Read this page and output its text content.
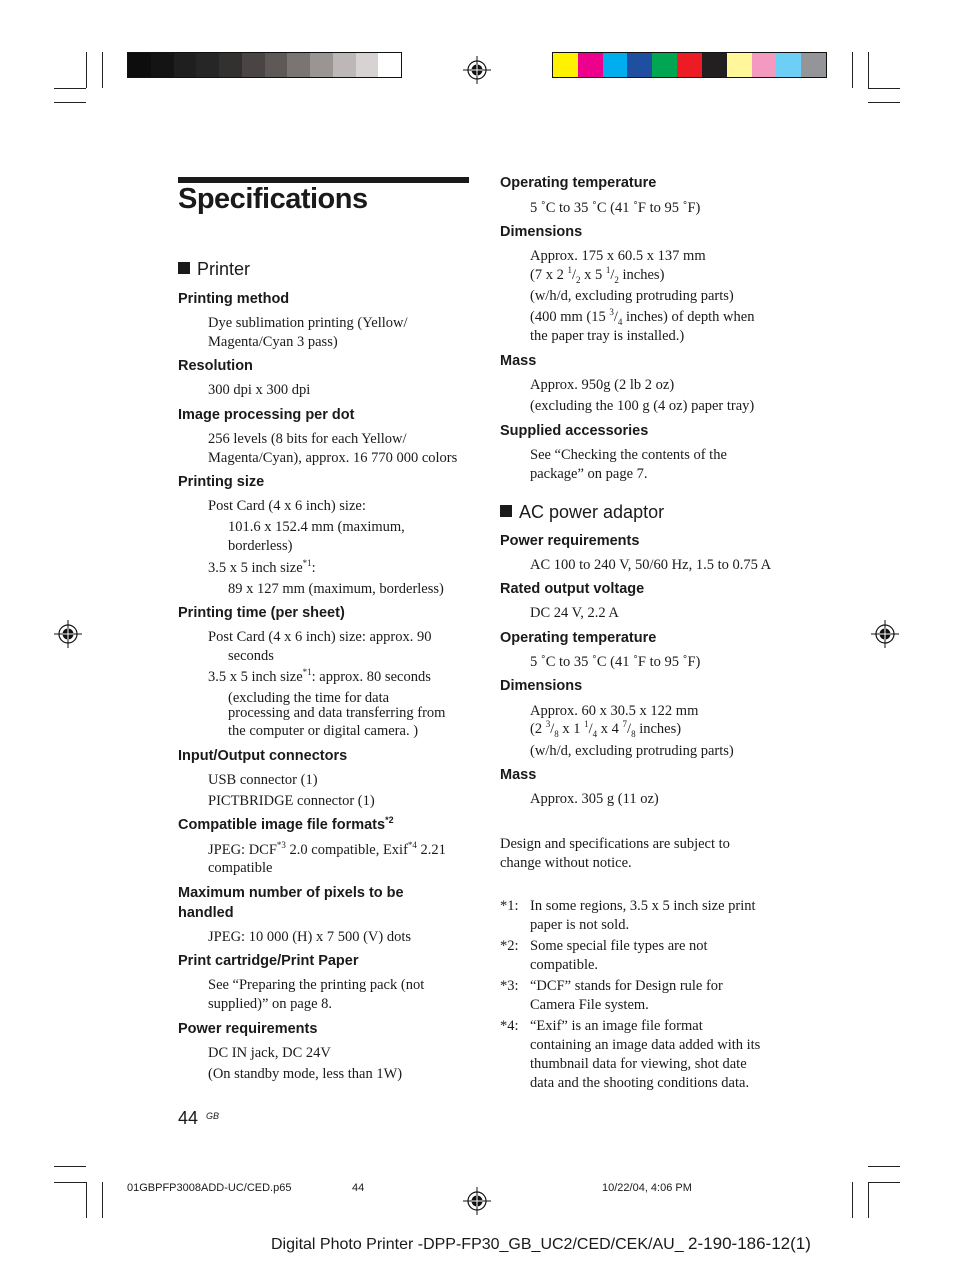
Specifications
Printer
Printing method
Dye sublimation printing (Yellow/
Magenta/Cyan 3 pass)
Resolution
300 dpi x 300 dpi
Image processing per dot
256 levels (8 bits for each Yellow/
Magenta/Cyan), approx. 16 770 000 colors
Printing size
Post Card (4 x 6 inch) size:
101.6 x 152.4 mm (maximum,
borderless)
3.5 x 5 inch size$^{*1}$:
89 x 127 mm (maximum, borderless)
Printing time (per sheet)
Post Card (4 x 6 inch) size: approx. 90
seconds
3.5 x 5 inch size$^{*1}$: approx. 80 seconds
(excluding the time for data
processing and data transferring from
the computer or digital camera. )
Input/Output connectors
USB connector (1)
PICTBRIDGE connector (1)
Compatible image file formats$^{*2}$
JPEG: DCF$^{*3}$ 2.0 compatible, Exif$^{*4}$ 2.21
compatible
Maximum number of pixels to be
handled
JPEG: 10 000 (H) x 7 500 (V) dots
Print cartridge/Print Paper
See “Preparing the printing pack (not
supplied)” on page 8.
Power requirements
DC IN jack, DC 24V
(On standby mode, less than 1W)
Operating temperature
5 ˚C to 35 ˚C (41 ˚F to 95 ˚F)
Dimensions
Approx. 175 x 60.5 x 137 mm
(7 x 2 $^1/_2$ x 5 $^1/_2$ inches)
(w/h/d, excluding protruding parts)
(400 mm (15 $^3/_4$ inches) of depth when
the paper tray is installed.)
Mass
Approx. 950g (2 lb 2 oz)
(excluding the 100 g (4 oz) paper tray)
Supplied accessories
See “Checking the contents of the
package” on page 7.
AC power adaptor
Power requirements
AC 100 to 240 V, 50/60 Hz, 1.5 to 0.75 A
Rated output voltage
DC 24 V, 2.2 A
Operating temperature
5 ˚C to 35 ˚C (41 ˚F to 95 ˚F)
Dimensions
Approx. 60 x 30.5 x 122 mm
(2 $^3/_8$ x 1 $^1/_4$ x 4 $^7/_8$ inches)
(w/h/d, excluding protruding parts)
Mass
Approx. 305 g (11 oz)
Design and specifications are subject to
change without notice.
*1: In some regions, 3.5 x 5 inch size print
paper is not sold.
*2: Some special file types are not
compatible.
*3: “DCF” stands for Design rule for
Camera File system.
*4: “Exif” is an image file format
containing an image data added with its
thumbnail data for viewing, shot date
data and the shooting conditions data.
44 $^{GB}$
01GBPFP3008ADD-UC/CED.p65	44	10/22/04, 4:06 PM
Digital Photo Printer -DPP-FP30_GB_UC2/CED/CEK/AU_ 2-190-186-12(1)
